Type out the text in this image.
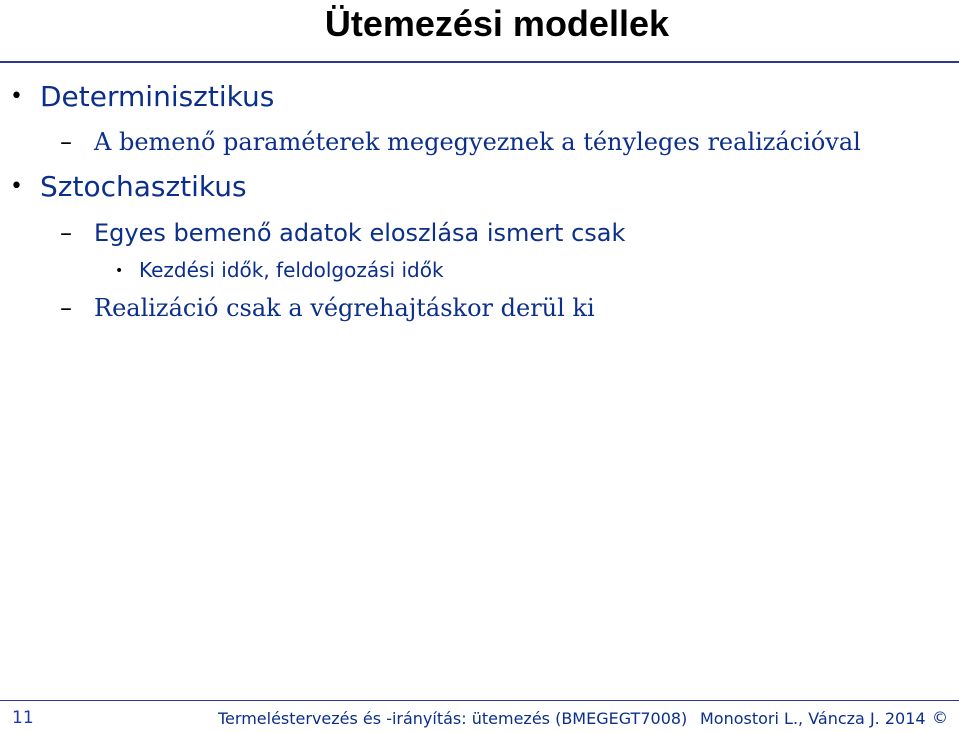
Ütemezési modellek
• Determinisztikus
– A bemenő paraméterek megegyeznek a tényleges realizációval
• Sztochasztikus
– Egyes bemenő adatok eloszlása ismert csak
• Kezdési idők, feldolgozási idők
– Realizáció csak a végrehajtáskor derül ki
11	Termeléstervezés és -irányítás: ütemezés (BMEGEGT7008) Monostori L., Váncza J. 2014 ©
